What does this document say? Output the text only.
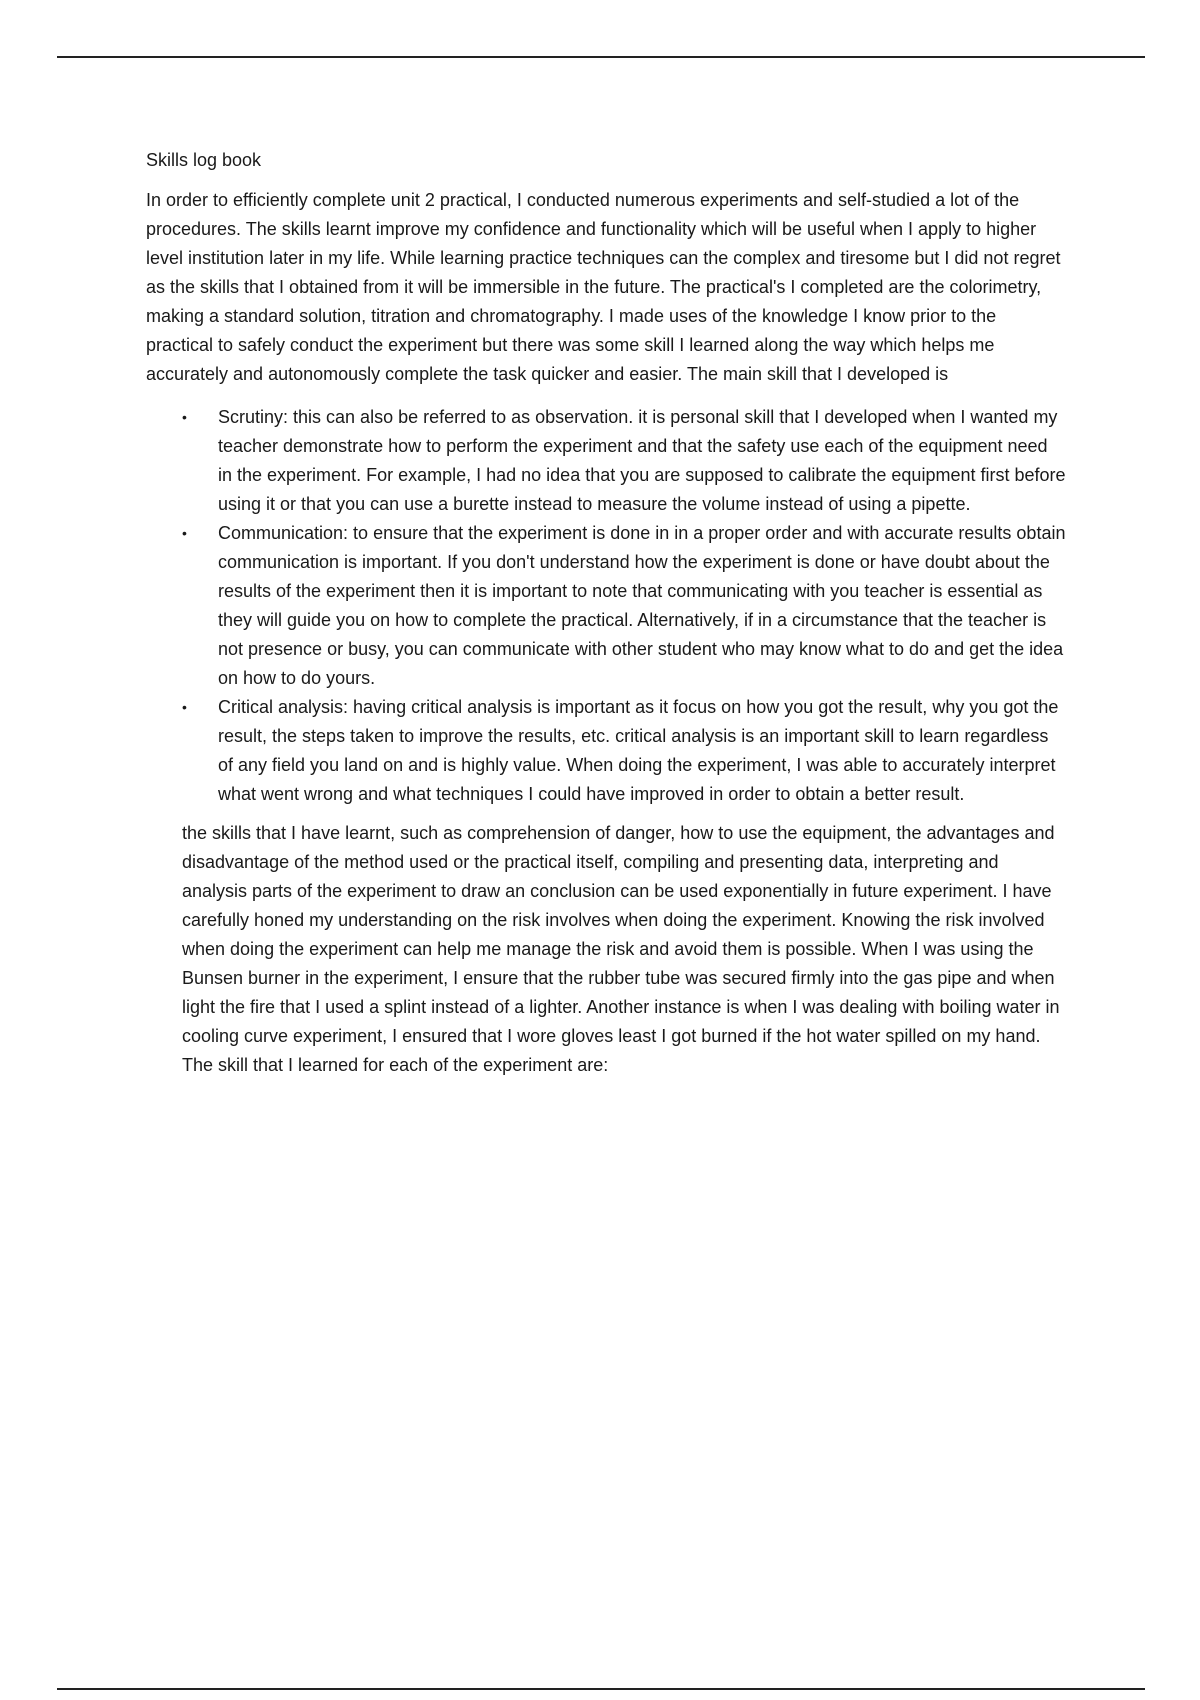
Skills log book

In order to efficiently complete unit 2 practical, I conducted numerous experiments and self-studied a lot of the procedures. The skills learnt improve my confidence and functionality which will be useful when I apply to higher level institution later in my life. While learning practice techniques can the complex and tiresome but I did not regret as the skills that I obtained from it will be immersible in the future. The practical's I completed are the colorimetry, making a standard solution, titration and chromatography. I made uses of the knowledge I know prior to the practical to safely conduct the experiment but there was some skill I learned along the way which helps me accurately and autonomously complete the task quicker and easier. The main skill that I developed is

• Scrutiny: this can also be referred to as observation. it is personal skill that I developed when I wanted my teacher demonstrate how to perform the experiment and that the safety use each of the equipment need in the experiment. For example, I had no idea that you are supposed to calibrate the equipment first before using it or that you can use a burette instead to measure the volume instead of using a pipette.
• Communication: to ensure that the experiment is done in in a proper order and with accurate results obtain communication is important. If you don't understand how the experiment is done or have doubt about the results of the experiment then it is important to note that communicating with you teacher is essential as they will guide you on how to complete the practical. Alternatively, if in a circumstance that the teacher is not presence or busy, you can communicate with other student who may know what to do and get the idea on how to do yours.
• Critical analysis: having critical analysis is important as it focus on how you got the result, why you got the result, the steps taken to improve the results, etc. critical analysis is an important skill to learn regardless of any field you land on and is highly value. When doing the experiment, I was able to accurately interpret what went wrong and what techniques I could have improved in order to obtain a better result.

the skills that I have learnt, such as comprehension of danger, how to use the equipment, the advantages and disadvantage of the method used or the practical itself, compiling and presenting data, interpreting and analysis parts of the experiment to draw an conclusion can be used exponentially in future experiment. I have carefully honed my understanding on the risk involves when doing the experiment. Knowing the risk involved when doing the experiment can help me manage the risk and avoid them is possible. When I was using the Bunsen burner in the experiment, I ensure that the rubber tube was secured firmly into the gas pipe and when light the fire that I used a splint instead of a lighter. Another instance is when I was dealing with boiling water in cooling curve experiment, I ensured that I wore gloves least I got burned if the hot water spilled on my hand. The skill that I learned for each of the experiment are:
